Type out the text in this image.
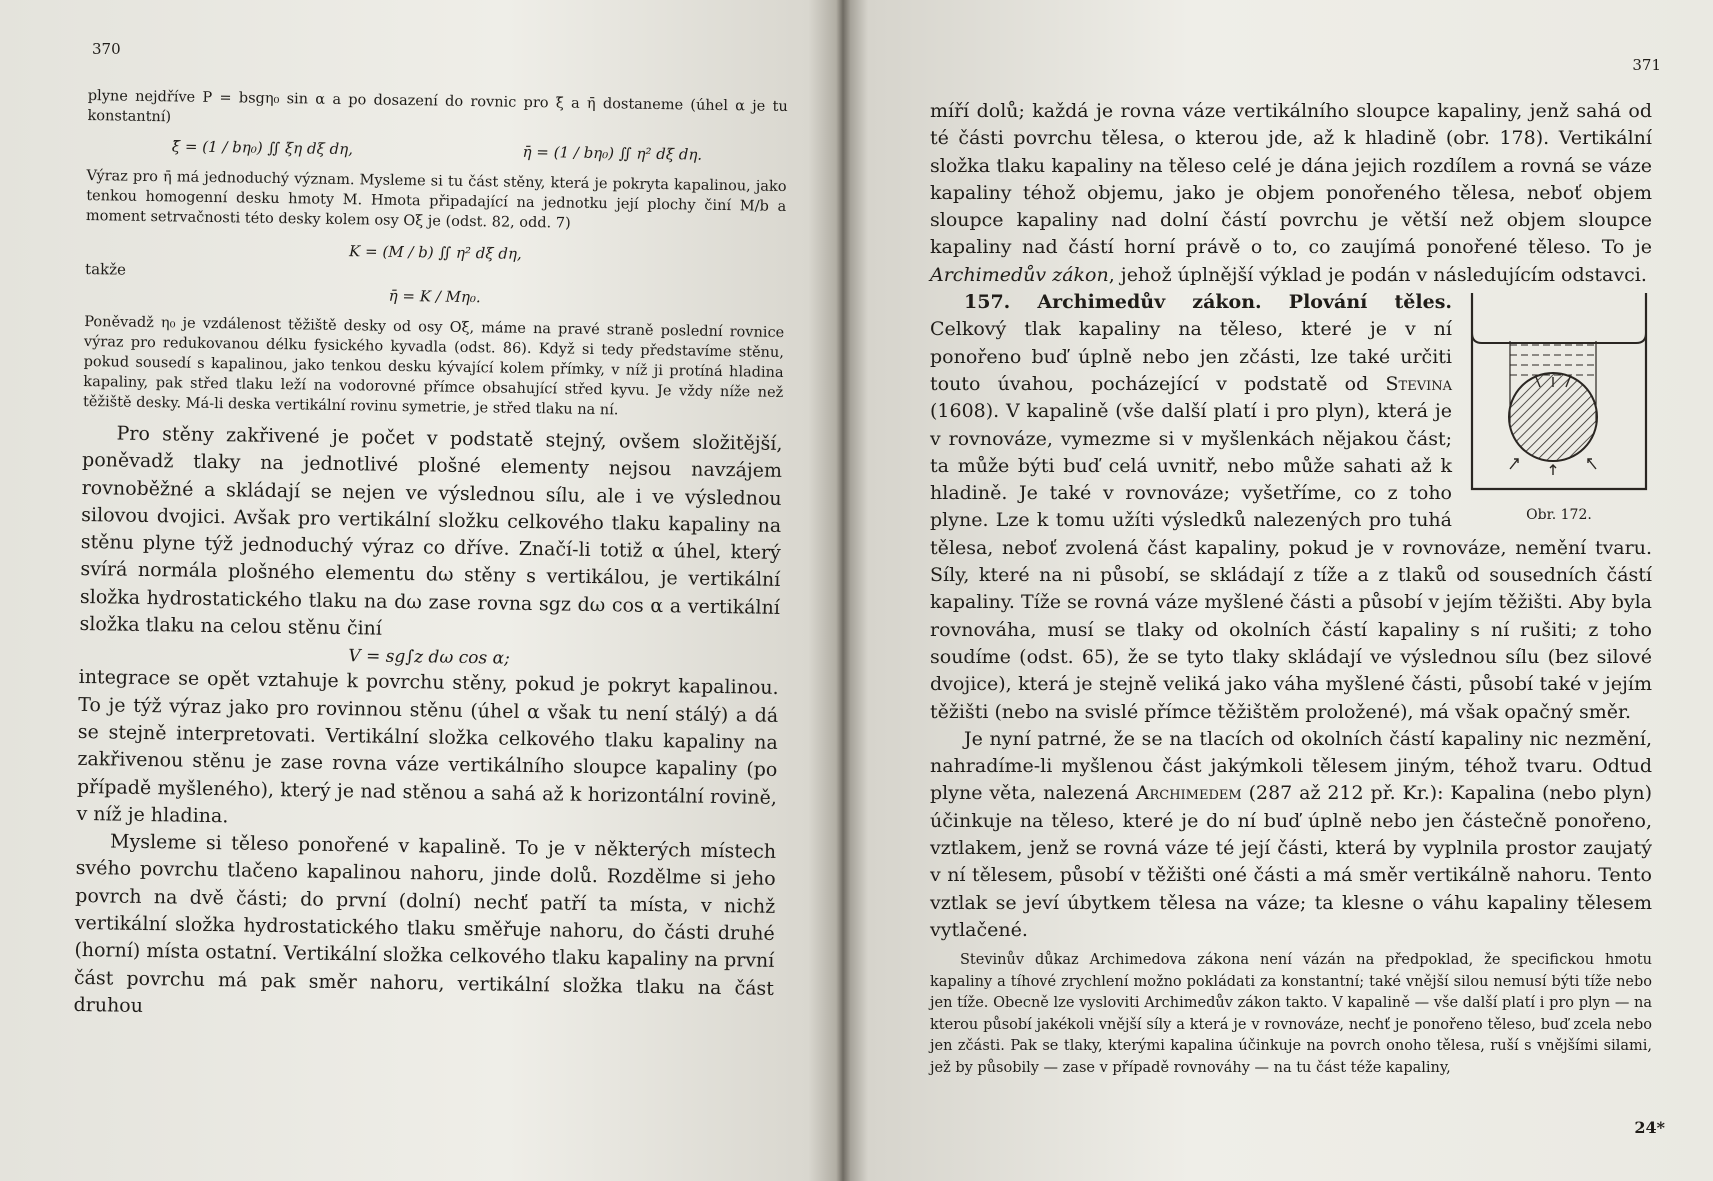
370

plyne nejdříve P = bsgη₀ sin α a po dosazení do rovnic pro ξ̄ a η̄ dostaneme (úhel α je tu konstantní)

ξ̄ = (1 / bη₀) ∬ ξη dξ dη,	η̄ = (1 / bη₀) ∬ η² dξ dη.

Výraz pro η̄ má jednoduchý význam. Mysleme si tu část stěny, která je pokryta kapalinou, jako tenkou homogenní desku hmoty M. Hmota připadající na jednotku její plochy činí M/b a moment setrvačnosti této desky kolem osy Oξ je (odst. 82, odd. 7)

K = (M / b) ∬ η² dξ dη,

takže

η̄ = K / Mη₀.

Poněvadž η₀ je vzdálenost těžiště desky od osy Oξ, máme na pravé straně poslední rovnice výraz pro redukovanou délku fysického kyvadla (odst. 86). Když si tedy představíme stěnu, pokud sousedí s kapalinou, jako tenkou desku kývající kolem přímky, v níž ji protíná hladina kapaliny, pak střed tlaku leží na vodorovné přímce obsahující střed kyvu. Je vždy níže než těžiště desky. Má-li deska vertikální rovinu symetrie, je střed tlaku na ní.

Pro stěny zakřivené je počet v podstatě stejný, ovšem složitější, poněvadž tlaky na jednotlivé plošné elementy nejsou navzájem rovnoběžné a skládají se nejen ve výslednou sílu, ale i ve výslednou silovou dvojici. Avšak pro vertikální složku celkového tlaku kapaliny na stěnu plyne týž jednoduchý výraz co dříve. Značí-li totiž α úhel, který svírá normála plošného elementu dω stěny s vertikálou, je vertikální složka hydrostatického tlaku na dω zase rovna sgz dω cos α a vertikální složka tlaku na celou stěnu činí

V = sg∫z dω cos α;

integrace se opět vztahuje k povrchu stěny, pokud je pokryt kapalinou. To je týž výraz jako pro rovinnou stěnu (úhel α však tu není stálý) a dá se stejně interpretovati. Vertikální složka celkového tlaku kapaliny na zakřivenou stěnu je zase rovna váze vertikálního sloupce kapaliny (po případě myšleného), který je nad stěnou a sahá až k horizontální rovině, v níž je hladina.

Mysleme si těleso ponořené v kapalině. To je v některých místech svého povrchu tlačeno kapalinou nahoru, jinde dolů. Rozdělme si jeho povrch na dvě části; do první (dolní) nechť patří ta místa, v nichž vertikální složka hydrostatického tlaku směřuje nahoru, do části druhé (horní) místa ostatní. Vertikální složka celkového tlaku kapaliny na první část povrchu má pak směr nahoru, vertikální složka tlaku na část druhou

371

míří dolů; každá je rovna váze vertikálního sloupce kapaliny, jenž sahá od té části povrchu tělesa, o kterou jde, až k hladině (obr. 178). Vertikální složka tlaku kapaliny na těleso celé je dána jejich rozdílem a rovná se váze kapaliny téhož objemu, jako je objem ponořeného tělesa, neboť objem sloupce kapaliny nad dolní částí povrchu je větší než objem sloupce kapaliny nad částí horní právě o to, co zaujímá ponořené těleso. To je Archimedův zákon, jehož úplnější výklad je podán v následujícím odstavci.

Obr. 172.

157. Archimedův zákon. Plování těles. Celkový tlak kapaliny na těleso, které je v ní ponořeno buď úplně nebo jen zčásti, lze také určiti touto úvahou, pocházející v podstatě od Stevina (1608). V kapalině (vše další platí i pro plyn), která je v rovnováze, vymezme si v myšlenkách nějakou část; ta může býti buď celá uvnitř, nebo může sahati až k hladině. Je také v rovnováze; vyšetříme, co z toho plyne. Lze k tomu užíti výsledků nalezených pro tuhá tělesa, neboť zvolená část kapaliny, pokud je v rovnováze, nemění tvaru. Síly, které na ni působí, se skládají z tíže a z tlaků od sousedních částí kapaliny. Tíže se rovná váze myšlené části a působí v jejím těžišti. Aby byla rovnováha, musí se tlaky od okolních částí kapaliny s ní rušiti; z toho soudíme (odst. 65), že se tyto tlaky skládají ve výslednou sílu (bez silové dvojice), která je stejně veliká jako váha myšlené části, působí také v jejím těžišti (nebo na svislé přímce těžištěm proložené), má však opačný směr.

Je nyní patrné, že se na tlacích od okolních částí kapaliny nic nezmění, nahradíme-li myšlenou část jakýmkoli tělesem jiným, téhož tvaru. Odtud plyne věta, nalezená Archimedem (287 až 212 př. Kr.): Kapalina (nebo plyn) účinkuje na těleso, které je do ní buď úplně nebo jen částečně ponořeno, vztlakem, jenž se rovná váze té její části, která by vyplnila prostor zaujatý v ní tělesem, působí v těžišti oné části a má směr vertikálně nahoru. Tento vztlak se jeví úbytkem tělesa na váze; ta klesne o váhu kapaliny tělesem vytlačené.

Stevinův důkaz Archimedova zákona není vázán na předpoklad, že specifickou hmotu kapaliny a tíhové zrychlení možno pokládati za konstantní; také vnější silou nemusí býti tíže nebo jen tíže. Obecně lze vysloviti Archimedův zákon takto. V kapalině — vše další platí i pro plyn — na kterou působí jakékoli vnější síly a která je v rovnováze, nechť je ponořeno těleso, buď zcela nebo jen zčásti. Pak se tlaky, kterými kapalina účinkuje na povrch onoho tělesa, ruší s vnějšími silami, jež by působily — zase v případě rovnováhy — na tu část téže kapaliny,

24*
